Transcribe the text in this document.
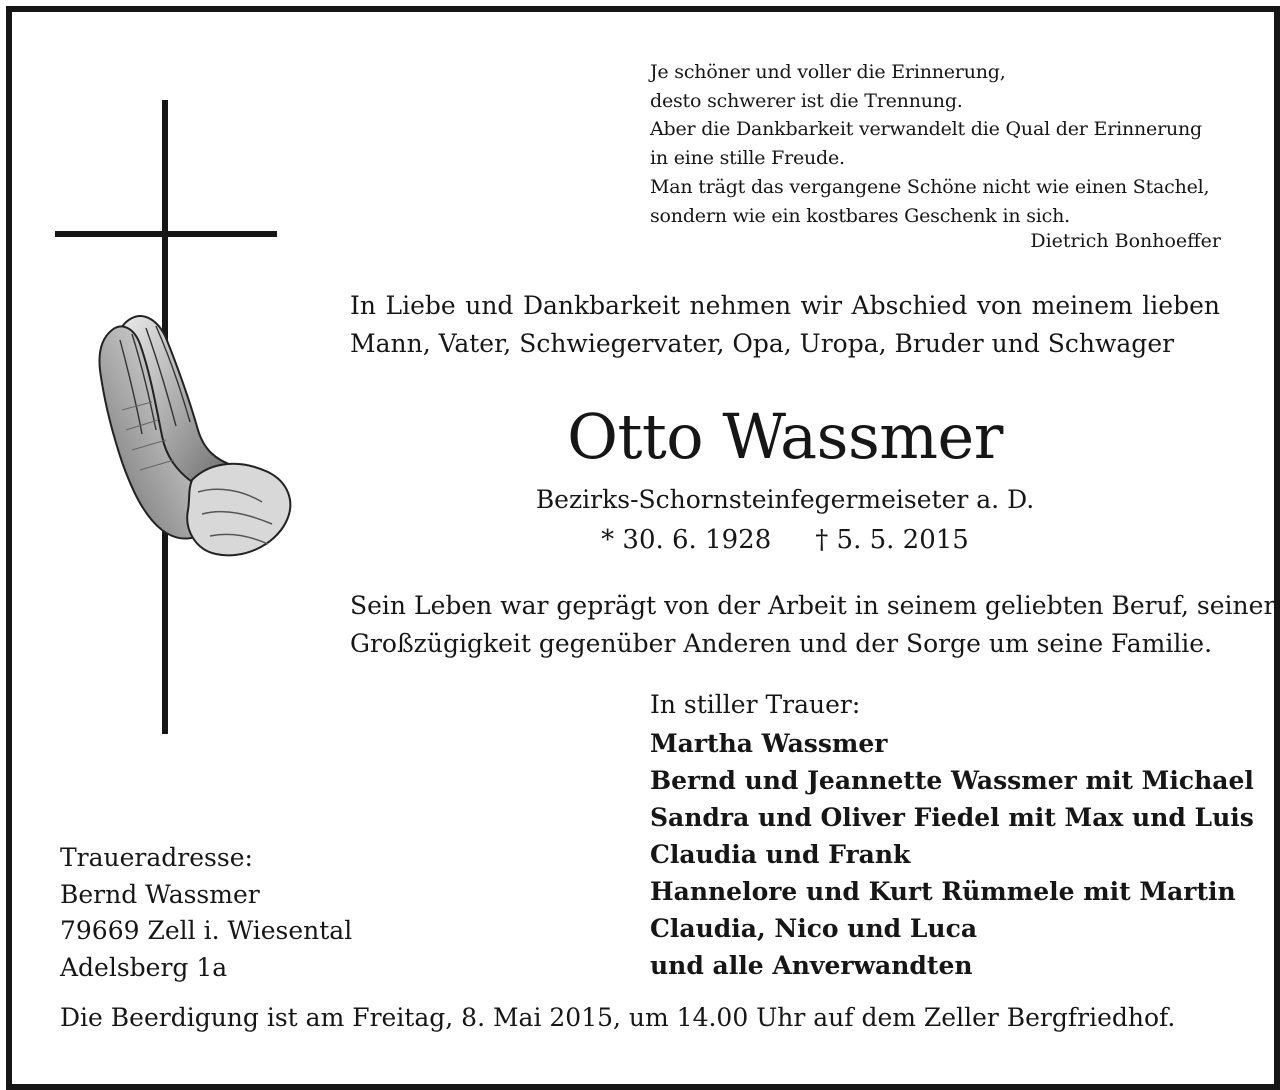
Je schöner und voller die Erinnerung,
desto schwerer ist die Trennung.
Aber die Dankbarkeit verwandelt die Qual der Erinnerung
in eine stille Freude.
Man trägt das vergangene Schöne nicht wie einen Stachel,
sondern wie ein kostbares Geschenk in sich.
Dietrich Bonhoeffer
In Liebe und Dankbarkeit nehmen wir Abschied von meinem lieben
Mann, Vater, Schwiegervater, Opa, Uropa, Bruder und Schwager
Otto Wassmer
Bezirks-Schornsteinfegermeiseter a. D.
* 30. 6. 1928 † 5. 5. 2015
Sein Leben war geprägt von der Arbeit in seinem geliebten Beruf, seiner
Großzügigkeit gegenüber Anderen und der Sorge um seine Familie.
In stiller Trauer:
Martha Wassmer
Bernd und Jeannette Wassmer mit Michael
Sandra und Oliver Fiedel mit Max und Luis
Claudia und Frank
Hannelore und Kurt Rümmele mit Martin
Claudia, Nico und Luca
und alle Anverwandten
Traueradresse:
Bernd Wassmer
79669 Zell i. Wiesental
Adelsberg 1a
Die Beerdigung ist am Freitag, 8. Mai 2015, um 14.00 Uhr auf dem Zeller Bergfriedhof.
